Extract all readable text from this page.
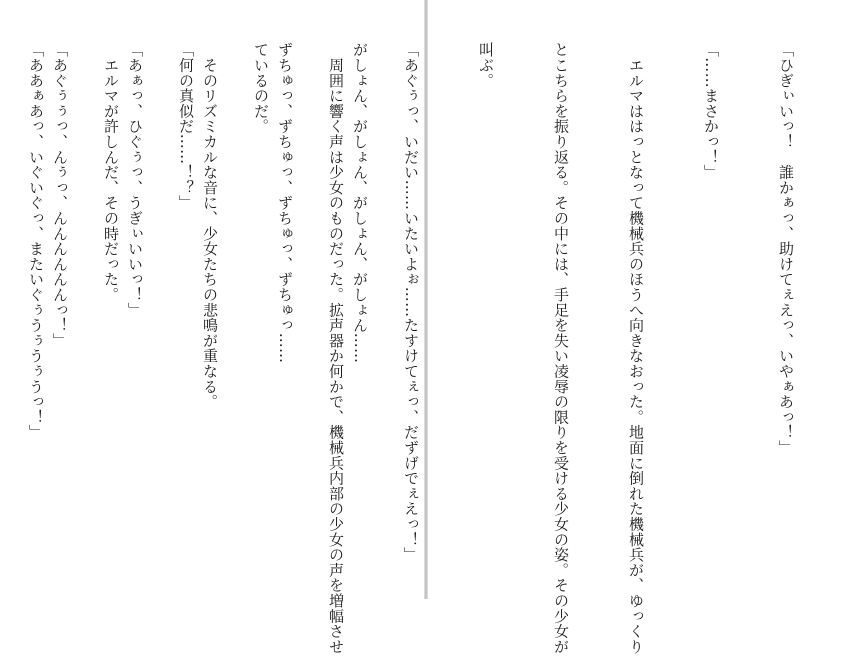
がしょん、がしょん、がしょん、がしょん……

ずちゅっ、ずちゅっ、ずちゅっ、ずちゅっ……

　そのリズミカルな音に、少女たちの悲鳴が重なる。

「あぁっ、ひぐぅっ、うぎぃいいっ！」

「あぐぅぅっ、んぅっ、んんんんんんっ！」

	「ひぎぃいっ！　誰かぁっ、助けてぇえっ、いやぁあっ！」

「……まさかっ！」

　エルマははっとなって機械兵のほうへ向きなおった。地面に倒れた機械兵が、ゆっくり

とこちらを振り返る。その中には、手足を失い凌辱の限りを受ける少女の姿。その少女が

叫ぶ。

「あぐぅっ、いだい……いたいよぉ……たすけてぇっ、だずげでぇえっ！」

　周囲に響く声は少女のものだった。拡声器か何かで、機械兵内部の少女の声を増幅させ

ているのだ。

「何の真似だ……！？」

　エルマが許しんだ、その時だった。

「ああぁあっ、いぐいぐっ、またいぐぅうぅうぅうっ！」
